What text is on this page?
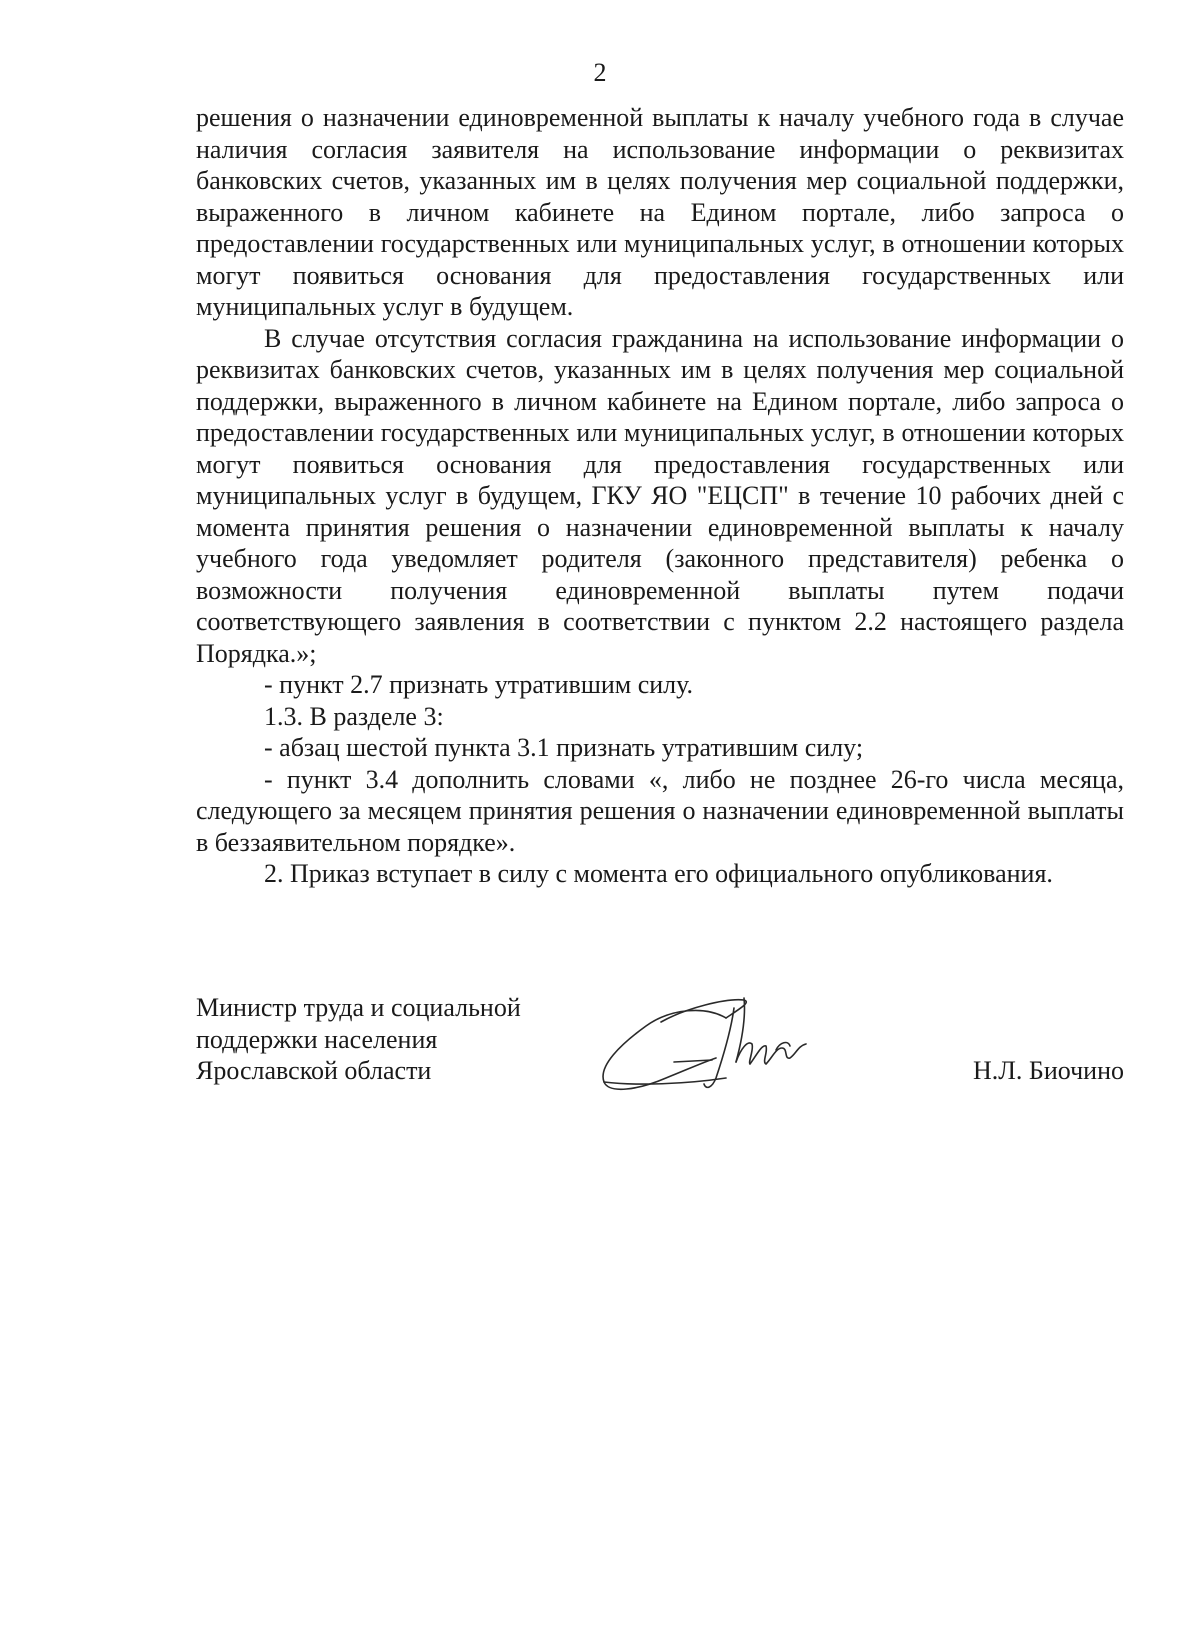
2

решения о назначении единовременной выплаты к началу учебного года в случае наличия согласия заявителя на использование информации о реквизитах банковских счетов, указанных им в целях получения мер социальной поддержки, выраженного в личном кабинете на Едином портале, либо запроса о предоставлении государственных или муниципальных услуг, в отношении которых могут появиться основания для предоставления государственных или муниципальных услуг в будущем.

В случае отсутствия согласия гражданина на использование информации о реквизитах банковских счетов, указанных им в целях получения мер социальной поддержки, выраженного в личном кабинете на Едином портале, либо запроса о предоставлении государственных или муниципальных услуг, в отношении которых могут появиться основания для предоставления государственных или муниципальных услуг в будущем, ГКУ ЯО "ЕЦСП" в течение 10 рабочих дней с момента принятия решения о назначении единовременной выплаты к началу учебного года уведомляет родителя (законного представителя) ребенка о возможности получения единовременной выплаты путем подачи соответствующего заявления в соответствии с пунктом 2.2 настоящего раздела Порядка.»;

- пункт 2.7 признать утратившим силу.

1.3. В разделе 3:

- абзац шестой пункта 3.1 признать утратившим силу;

- пункт 3.4 дополнить словами «, либо не позднее 26-го числа месяца, следующего за месяцем принятия решения о назначении единовременной выплаты в беззаявительном порядке».

2. Приказ вступает в силу с момента его официального опубликования.

Министр труда и социальной
поддержки населения
Ярославской области	Н.Л. Биочино
